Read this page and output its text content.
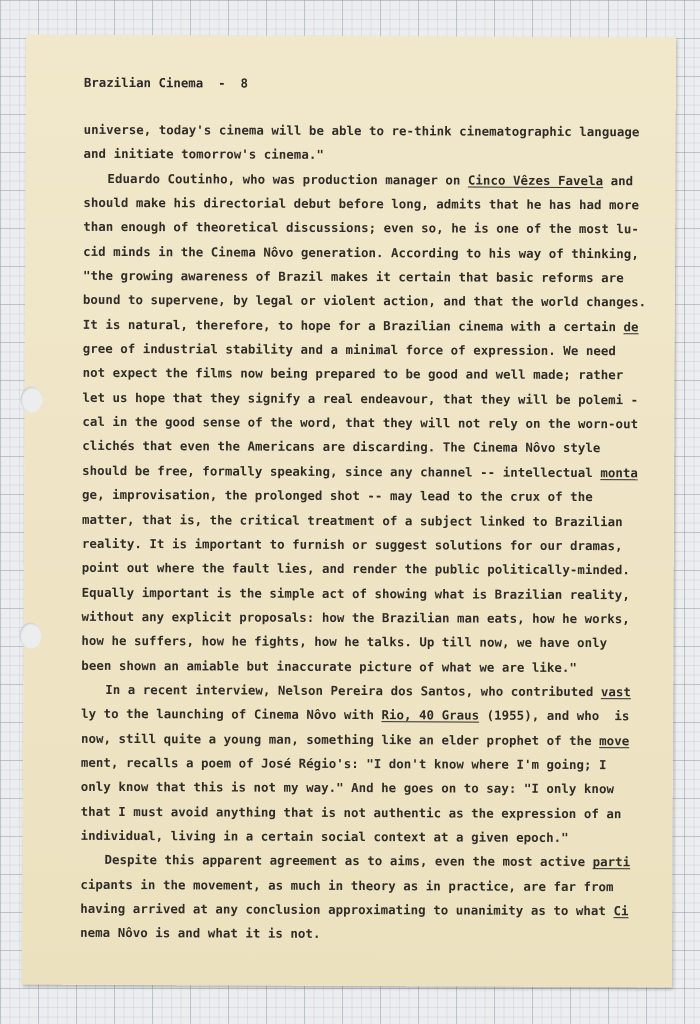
Brazilian Cinema  -  8
universe, today's cinema will be able to re-think cinematographic language
and initiate tomorrow's cinema."
Eduardo Coutinho, who was production manager on Cinco Vêzes Favela and
should make his directorial debut before long, admits that he has had more
than enough of theoretical discussions; even so, he is one of the most lu-
cid minds in the Cinema Nôvo generation. According to his way of thinking,
"the growing awareness of Brazil makes it certain that basic reforms are
bound to supervene, by legal or violent action, and that the world changes.
It is natural, therefore, to hope for a Brazilian cinema with a certain de
gree of industrial stability and a minimal force of expression. We need
not expect the films now being prepared to be good and well made; rather
let us hope that they signify a real endeavour, that they will be polemi -
cal in the good sense of the word, that they will not rely on the worn-out
clichés that even the Americans are discarding. The Cinema Nôvo style
should be free, formally speaking, since any channel -- intellectual monta
ge, improvisation, the prolonged shot -- may lead to the crux of the
matter, that is, the critical treatment of a subject linked to Brazilian
reality. It is important to furnish or suggest solutions for our dramas,
point out where the fault lies, and render the public politically-minded.
Equally important is the simple act of showing what is Brazilian reality,
without any explicit proposals: how the Brazilian man eats, how he works,
how he suffers, how he fights, how he talks. Up till now, we have only
been shown an amiable but inaccurate picture of what we are like."
In a recent interview, Nelson Pereira dos Santos, who contributed vast
ly to the launching of Cinema Nôvo with Rio, 40 Graus (1955), and who  is
now, still quite a young man, something like an elder prophet of the move
ment, recalls a poem of José Régio's: "I don't know where I'm going; I
only know that this is not my way." And he goes on to say: "I only know
that I must avoid anything that is not authentic as the expression of an
individual, living in a certain social context at a given epoch."
Despite this apparent agreement as to aims, even the most active parti
cipants in the movement, as much in theory as in practice, are far from
having arrived at any conclusion approximating to unanimity as to what Ci
nema Nôvo is and what it is not.
